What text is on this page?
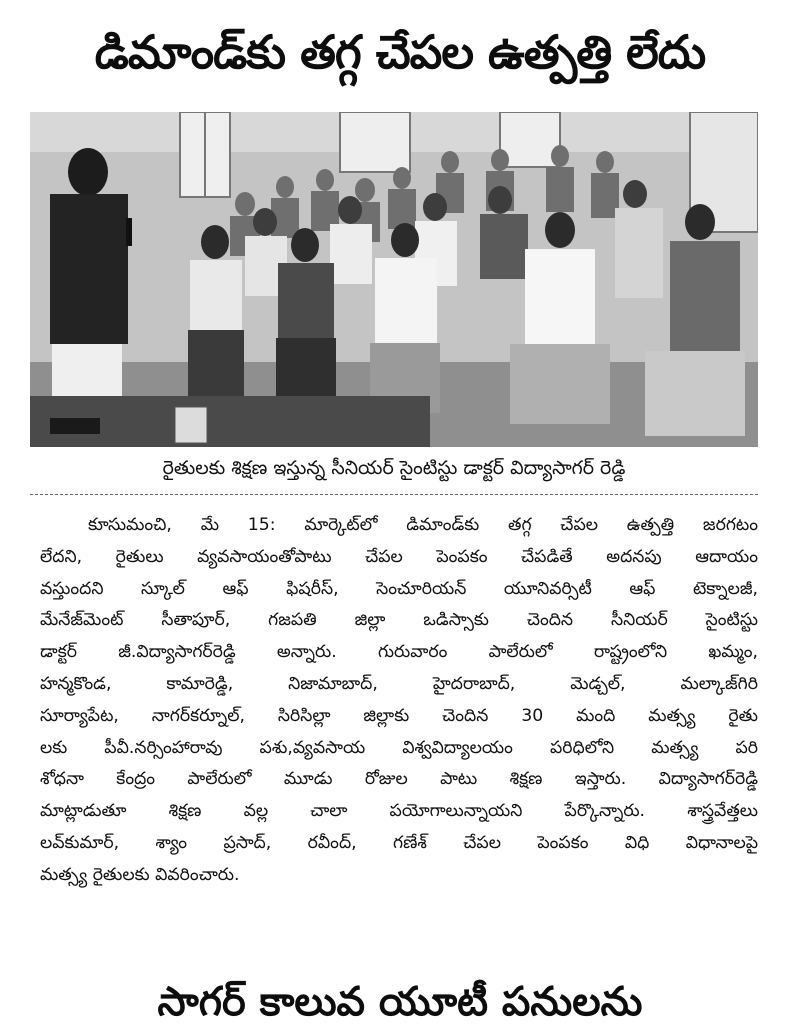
డిమాండ్‌కు తగ్గ చేపల ఉత్పత్తి లేదు
రైతులకు శిక్షణ ఇస్తున్న సీనియర్ సైంటిస్టు డాక్టర్ విద్యాసాగర్ రెడ్డి
కూసుమంచి, మే 15: మార్కెట్‌లో డిమాండ్‌కు తగ్గ చేపల ఉత్పత్తి జరగటం
లేదని, రైతులు వ్యవసాయంతోపాటు చేపల పెంపకం చేపడితే అదనపు ఆదాయం
వస్తుందని స్కూల్ ఆఫ్ ఫిషరీస్, సెంచూరియన్ యూనివర్సిటీ ఆఫ్ టెక్నాలజీ,
మేనేజ్‌మెంట్ సీతాపూర్, గజపతి జిల్లా ఒడిస్సాకు చెందిన సీనియర్ సైంటిస్టు
డాక్టర్ జీ.విద్యాసాగర్‌రెడ్డి అన్నారు. గురువారం పాలేరులో రాష్ట్రంలోని ఖమ్మం,
హన్మకొండ, కామారెడ్డి, నిజామాబాద్, హైదరాబాద్, మెడ్చల్, మల్కాజ్‌గిరి
సూర్యాపేట, నాగర్‌కర్నూల్, సిరిసిల్లా జిల్లాకు చెందిన 30 మంది మత్స్య రైతు
లకు పీవీ.నర్సింహారావు పశు,వ్యవసాయ విశ్వవిద్యాలయం పరిధిలోని మత్స్య పరి
శోధనా కేంద్రం పాలేరులో మూడు రోజుల పాటు శిక్షణ ఇస్తారు. విద్యాసాగర్‌రెడ్డి
మాట్లాడుతూ శిక్షణ వల్ల చాలా పయోగాలున్నాయని పేర్కొన్నారు. శాస్త్రవేత్తలు
లవ్‌కుమార్, శ్యాం ప్రసాద్, రవీంద్, గణేశ్ చేపల పెంపకం విధి విధానాలపై
మత్స్య రైతులకు వివరించారు.
సాగర్ కాలువ యూటీ పనులను
